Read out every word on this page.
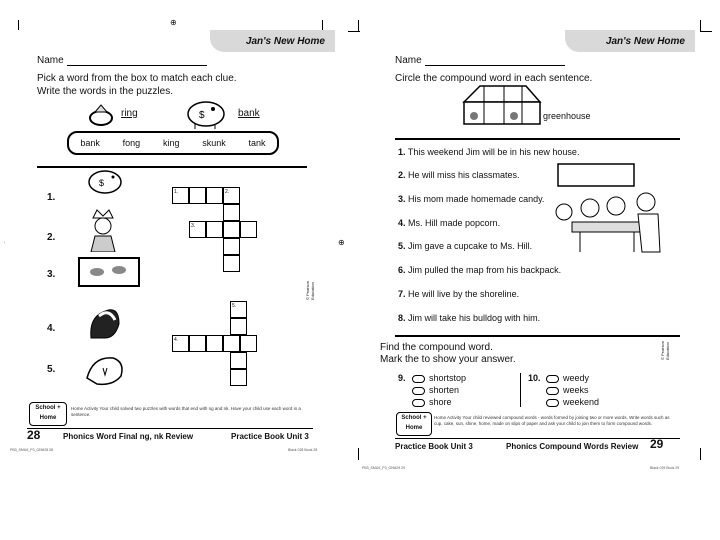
⊕
⊕
Jan's New Home
Name
Pick a word from the box to match each clue.
Write the words in the puzzles.
ring	$	bank
bank	fong	king	skunk	tank
1.
2.
3.
4.
5.
$
1.	2.
3.
5.
4.
© Pearson Education
School + Home
Home Activity Your child solved two puzzles with words that end with ng and nk. Have your child use each word in a sentence.
28	Phonics Word Final ng, nk Review	Practice Book Unit 3
PB3_SMU6_P3_029628 28	Black 028 Book 28
Jan's New Home
Name
Circle the compound word in each sentence.
greenhouse
1. This weekend Jim will be in his new house.
2. He will miss his classmates.
3. His mom made homemade candy.
4. Ms. Hill made popcorn.
5. Jim gave a cupcake to Ms. Hill.
6. Jim pulled the map from his backpack.
7. He will live by the shoreline.
8. Jim will take his bulldog with him.
© Pearson Education
Find the compound word.
Mark the to show your answer.
9.	shortstop
shorten
shore
10.	weedy
weeks
weekend
School + Home
Home Activity Your child reviewed compound words - words formed by joining two or more words. Write words such as cup, cake, sun, shine, home, made on slips of paper and ask your child to join them to form compound words.
Practice Book Unit 3	Phonics Compound Words Review 29
PB3_SMU6_P3_029629 29	Black 029 Book 29
